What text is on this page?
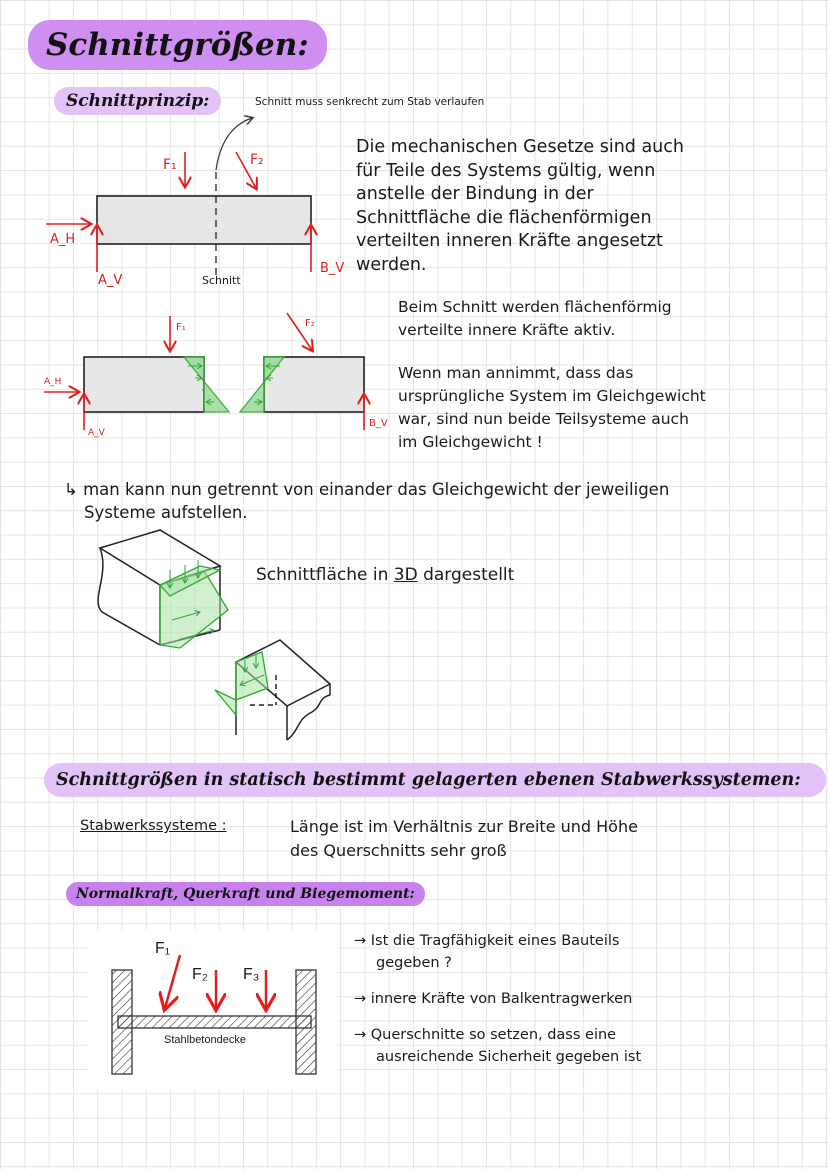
Schnittgrößen:
Schnittprinzip:	Schnitt muss senkrecht zum Stab verlaufen
F₁	F₂
A_H
A_V
B_V
Schnitt
Die mechanischen Gesetze sind auch
für Teile des Systems gültig, wenn
anstelle der Bindung in der
Schnittfläche die flächenförmigen
verteilten inneren Kräfte angesetzt
werden.
F₁	F₂
A_H
A_V
B_V
Beim Schnitt werden flächenförmig
verteilte innere Kräfte aktiv.
Wenn man annimmt, dass das
ursprüngliche System im Gleichgewicht
war, sind nun beide Teilsysteme auch
im Gleichgewicht !
↳ man kann nun getrennt von einander das Gleichgewicht der jeweiligen
Systeme aufstellen.
Schnittfläche in 3D dargestellt
Schnittgrößen in statisch bestimmt gelagerten ebenen Stabwerkssystemen:
Stabwerkssysteme :	Länge ist im Verhältnis zur Breite und Höhe
des Querschnitts sehr groß
Normalkraft, Querkraft und Biegemoment:
F₁
F₂ F₃
Stahlbetondecke
→ Ist die Tragfähigkeit eines Bauteils
gegeben ?
→ innere Kräfte von Balkentragwerken
→ Querschnitte so setzen, dass eine
ausreichende Sicherheit gegeben ist
